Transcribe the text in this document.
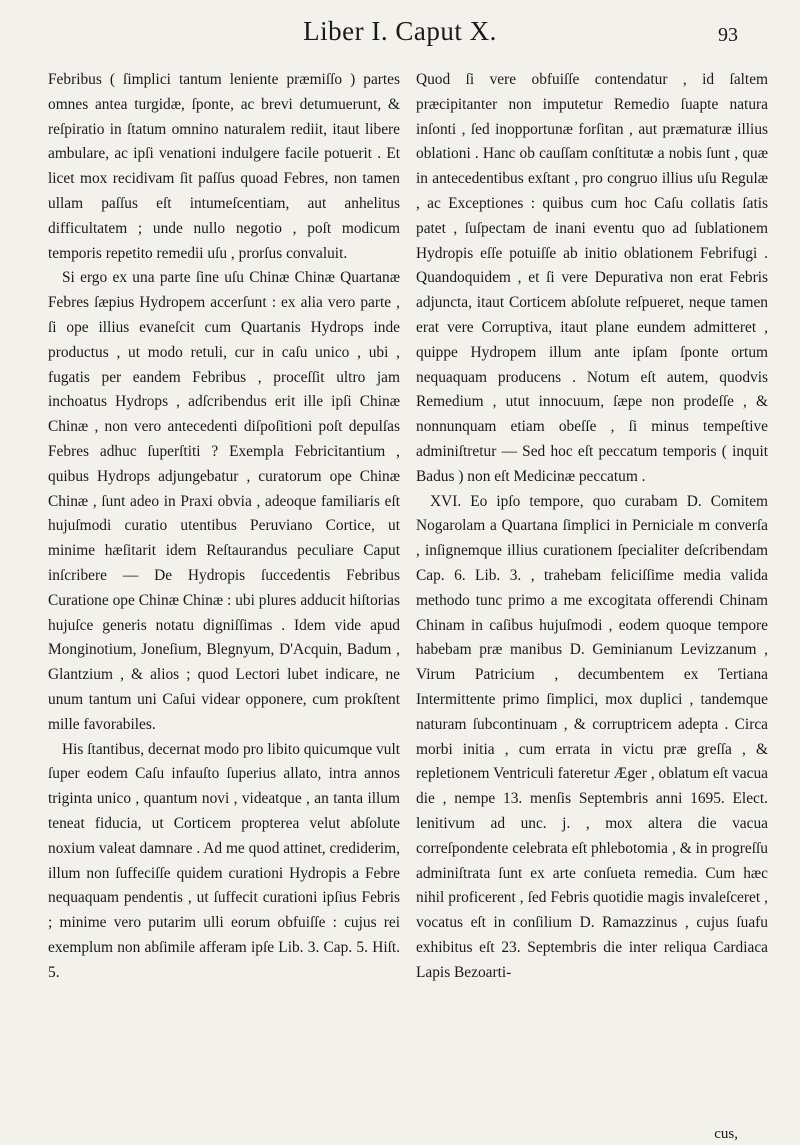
Liber I. Caput X.	93

Febribus ( ſimplici tantum leniente præmiſſo ) partes omnes antea turgidæ, ſponte, ac brevi detumuerunt, & reſpiratio in ſtatum omnino naturalem rediit, itaut libere ambulare, ac ipſi venationi indulgere facile potuerit . Et licet mox recidivam ſit paſſus quoad Febres, non tamen ullam paſſus eſt intumeſcentiam, aut anhelitus difficultatem ; unde nullo negotio , poſt modicum temporis repetito remedii uſu , prorſus convaluit.

Si ergo ex una parte ſine uſu Chinæ Chinæ Quartanæ Febres ſæpius Hydropem accerſunt : ex alia vero parte , ſi ope illius evaneſcit cum Quartanis Hydrops inde productus , ut modo retuli, cur in caſu unico , ubi , fugatis per eandem Febribus , proceſſit ultro jam inchoatus Hydrops , adſcribendus erit ille ipſi Chinæ Chinæ , non vero antecedenti diſpoſitioni poſt depulſas Febres adhuc ſuperſtiti ? Exempla Febricitantium , quibus Hydrops adjungebatur , curatorum ope Chinæ Chinæ , ſunt adeo in Praxi obvia , adeoque familiaris eſt hujuſmodi curatio utentibus Peruviano Cortice, ut minime hæſitarit idem Reſtaurandus peculiare Caput inſcribere — De Hydropis ſuccedentis Febribus Curatione ope Chinæ Chinæ : ubi plures adducit hiſtorias hujuſce generis notatu digniſſimas . Idem vide apud Monginotium, Joneſium, Blegnyum, D'Acquin, Badum , Glantzium , & alios ; quod Lectori lubet indicare, ne unum tantum uni Caſui videar opponere, cum prokſtent mille favorabiles.

His ſtantibus, decernat modo pro libito quicumque vult ſuper eodem Caſu infauſto ſuperius allato, intra annos triginta unico , quantum novi , videatque , an tanta illum teneat fiducia, ut Corticem propterea velut abſolute noxium valeat damnare . Ad me quod attinet, crediderim, illum non ſuffeciſſe quidem curationi Hydropis a Febre nequaquam pendentis , ut ſuffecit curationi ipſius Febris ; minime vero putarim ulli eorum obfuiſſe : cujus rei exemplum non abſimile afferam ipſe Lib. 3. Cap. 5. Hiſt. 5.

Quod ſi vere obfuiſſe contendatur , id ſaltem præcipitanter non imputetur Remedio ſuapte natura inſonti , ſed inopportunæ forſitan , aut præmaturæ illius oblationi . Hanc ob cauſſam conſtitutæ a nobis ſunt , quæ in antecedentibus exſtant , pro congruo illius uſu Regulæ , ac Exceptiones : quibus cum hoc Caſu collatis ſatis patet , ſuſpectam de inani eventu quo ad ſublationem Hydropis eſſe potuiſſe ab initio oblationem Febrifugi . Quandoquidem , et ſi vere Depurativa non erat Febris adjuncta, itaut Corticem abſolute reſpueret, neque tamen erat vere Corruptiva, itaut plane eundem admitteret , quippe Hydropem illum ante ipſam ſponte ortum nequaquam producens . Notum eſt autem, quodvis Remedium , utut innocuum, ſæpe non prodeſſe , & nonnunquam etiam obeſſe , ſi minus tempeſtive adminiſtretur — Sed hoc eſt peccatum temporis ( inquit Badus ) non eſt Medicinæ peccatum .

XVI. Eo ipſo tempore, quo curabam D. Comitem Nogarolam a Quartana ſimplici in Perniciale m converſa , inſignemque illius curationem ſpecialiter deſcribendam Cap. 6. Lib. 3. , trahebam feliciſſime media valida methodo tunc primo a me excogitata offerendi Chinam Chinam in caſibus hujuſmodi , eodem quoque tempore habebam præ manibus D. Geminianum Levizzanum , Virum Patricium , decumbentem ex Tertiana Intermittente primo ſimplici, mox duplici , tandemque naturam ſubcontinuam , & corruptricem adepta . Circa morbi initia , cum errata in victu præ greſſa , & repletionem Ventriculi fateretur Æger , oblatum eſt vacua die , nempe 13. menſis Septembris anni 1695. Elect. lenitivum ad unc. j. , mox altera die vacua correſpondente celebrata eſt phlebotomia , & in progreſſu adminiſtrata ſunt ex arte conſueta remedia. Cum hæc nihil proficerent , ſed Febris quotidie magis invaleſceret , vocatus eſt in conſilium D. Ramazzinus , cujus ſuafu exhibitus eſt 23. Septembris die inter reliqua Cardiaca Lapis Bezoarti-

cus,
